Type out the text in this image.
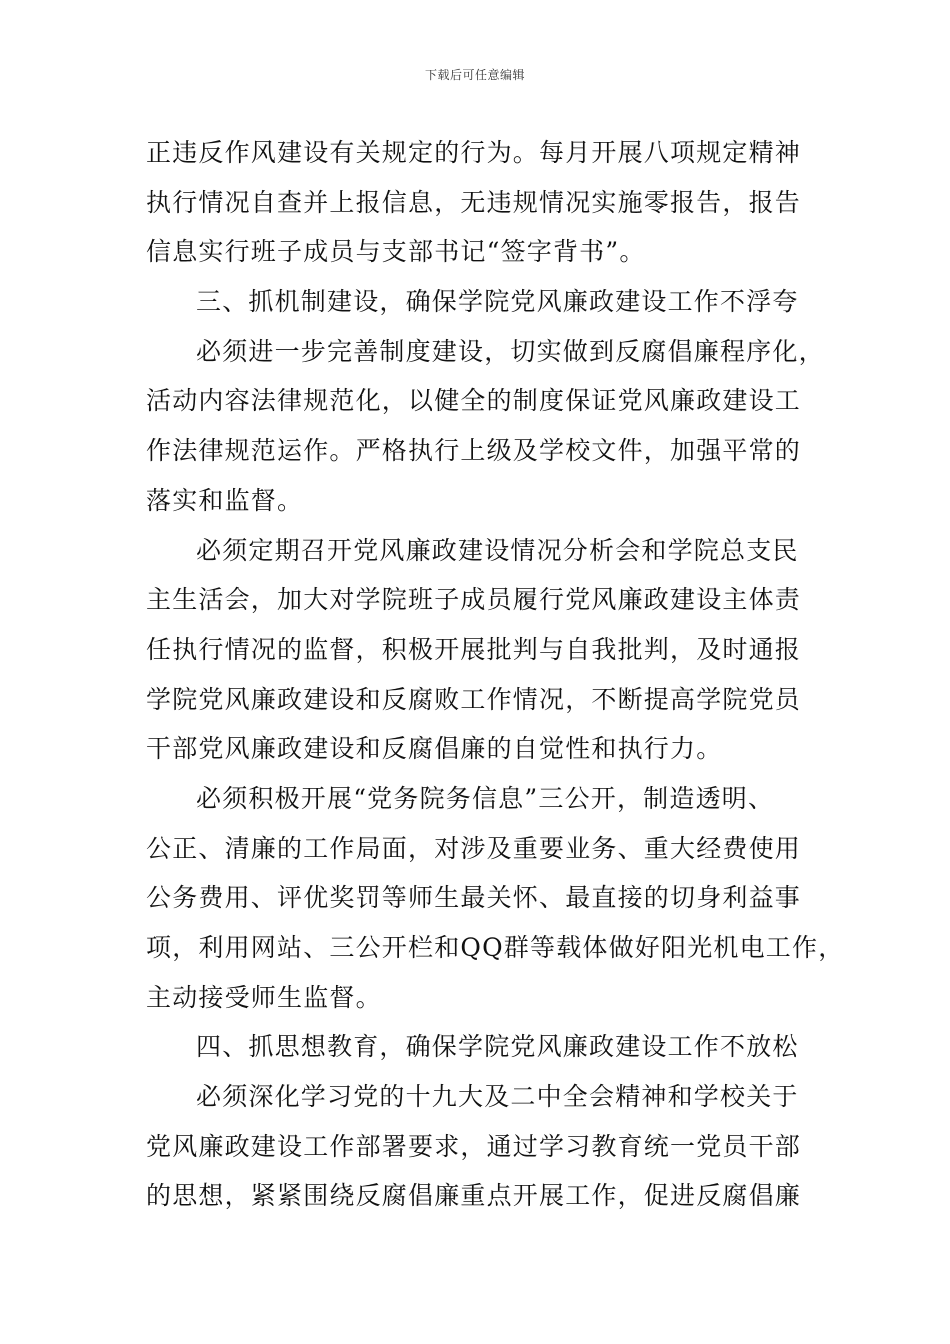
下载后可任意编辑
正违反作风建设有关规定的行为。每月开展八项规定精神
执行情况自查并上报信息，无违规情况实施零报告，报告
信息实行班子成员与支部书记“签字背书”。
三、抓机制建设，确保学院党风廉政建设工作不浮夸
必须进一步完善制度建设，切实做到反腐倡廉程序化，
活动内容法律规范化，以健全的制度保证党风廉政建设工
作法律规范运作。严格执行上级及学校文件，加强平常的
落实和监督。
必须定期召开党风廉政建设情况分析会和学院总支民
主生活会，加大对学院班子成员履行党风廉政建设主体责
任执行情况的监督，积极开展批判与自我批判，及时通报
学院党风廉政建设和反腐败工作情况，不断提高学院党员
干部党风廉政建设和反腐倡廉的自觉性和执行力。
必须积极开展“党务院务信息”三公开，制造透明、
公正、清廉的工作局面，对涉及重要业务、重大经费使用
公务费用、评优奖罚等师生最关怀、最直接的切身利益事
项，利用网站、三公开栏和QQ群等载体做好阳光机电工作，
主动接受师生监督。
四、抓思想教育，确保学院党风廉政建设工作不放松
必须深化学习党的十九大及二中全会精神和学校关于
党风廉政建设工作部署要求，通过学习教育统一党员干部
的思想，紧紧围绕反腐倡廉重点开展工作，促进反腐倡廉
